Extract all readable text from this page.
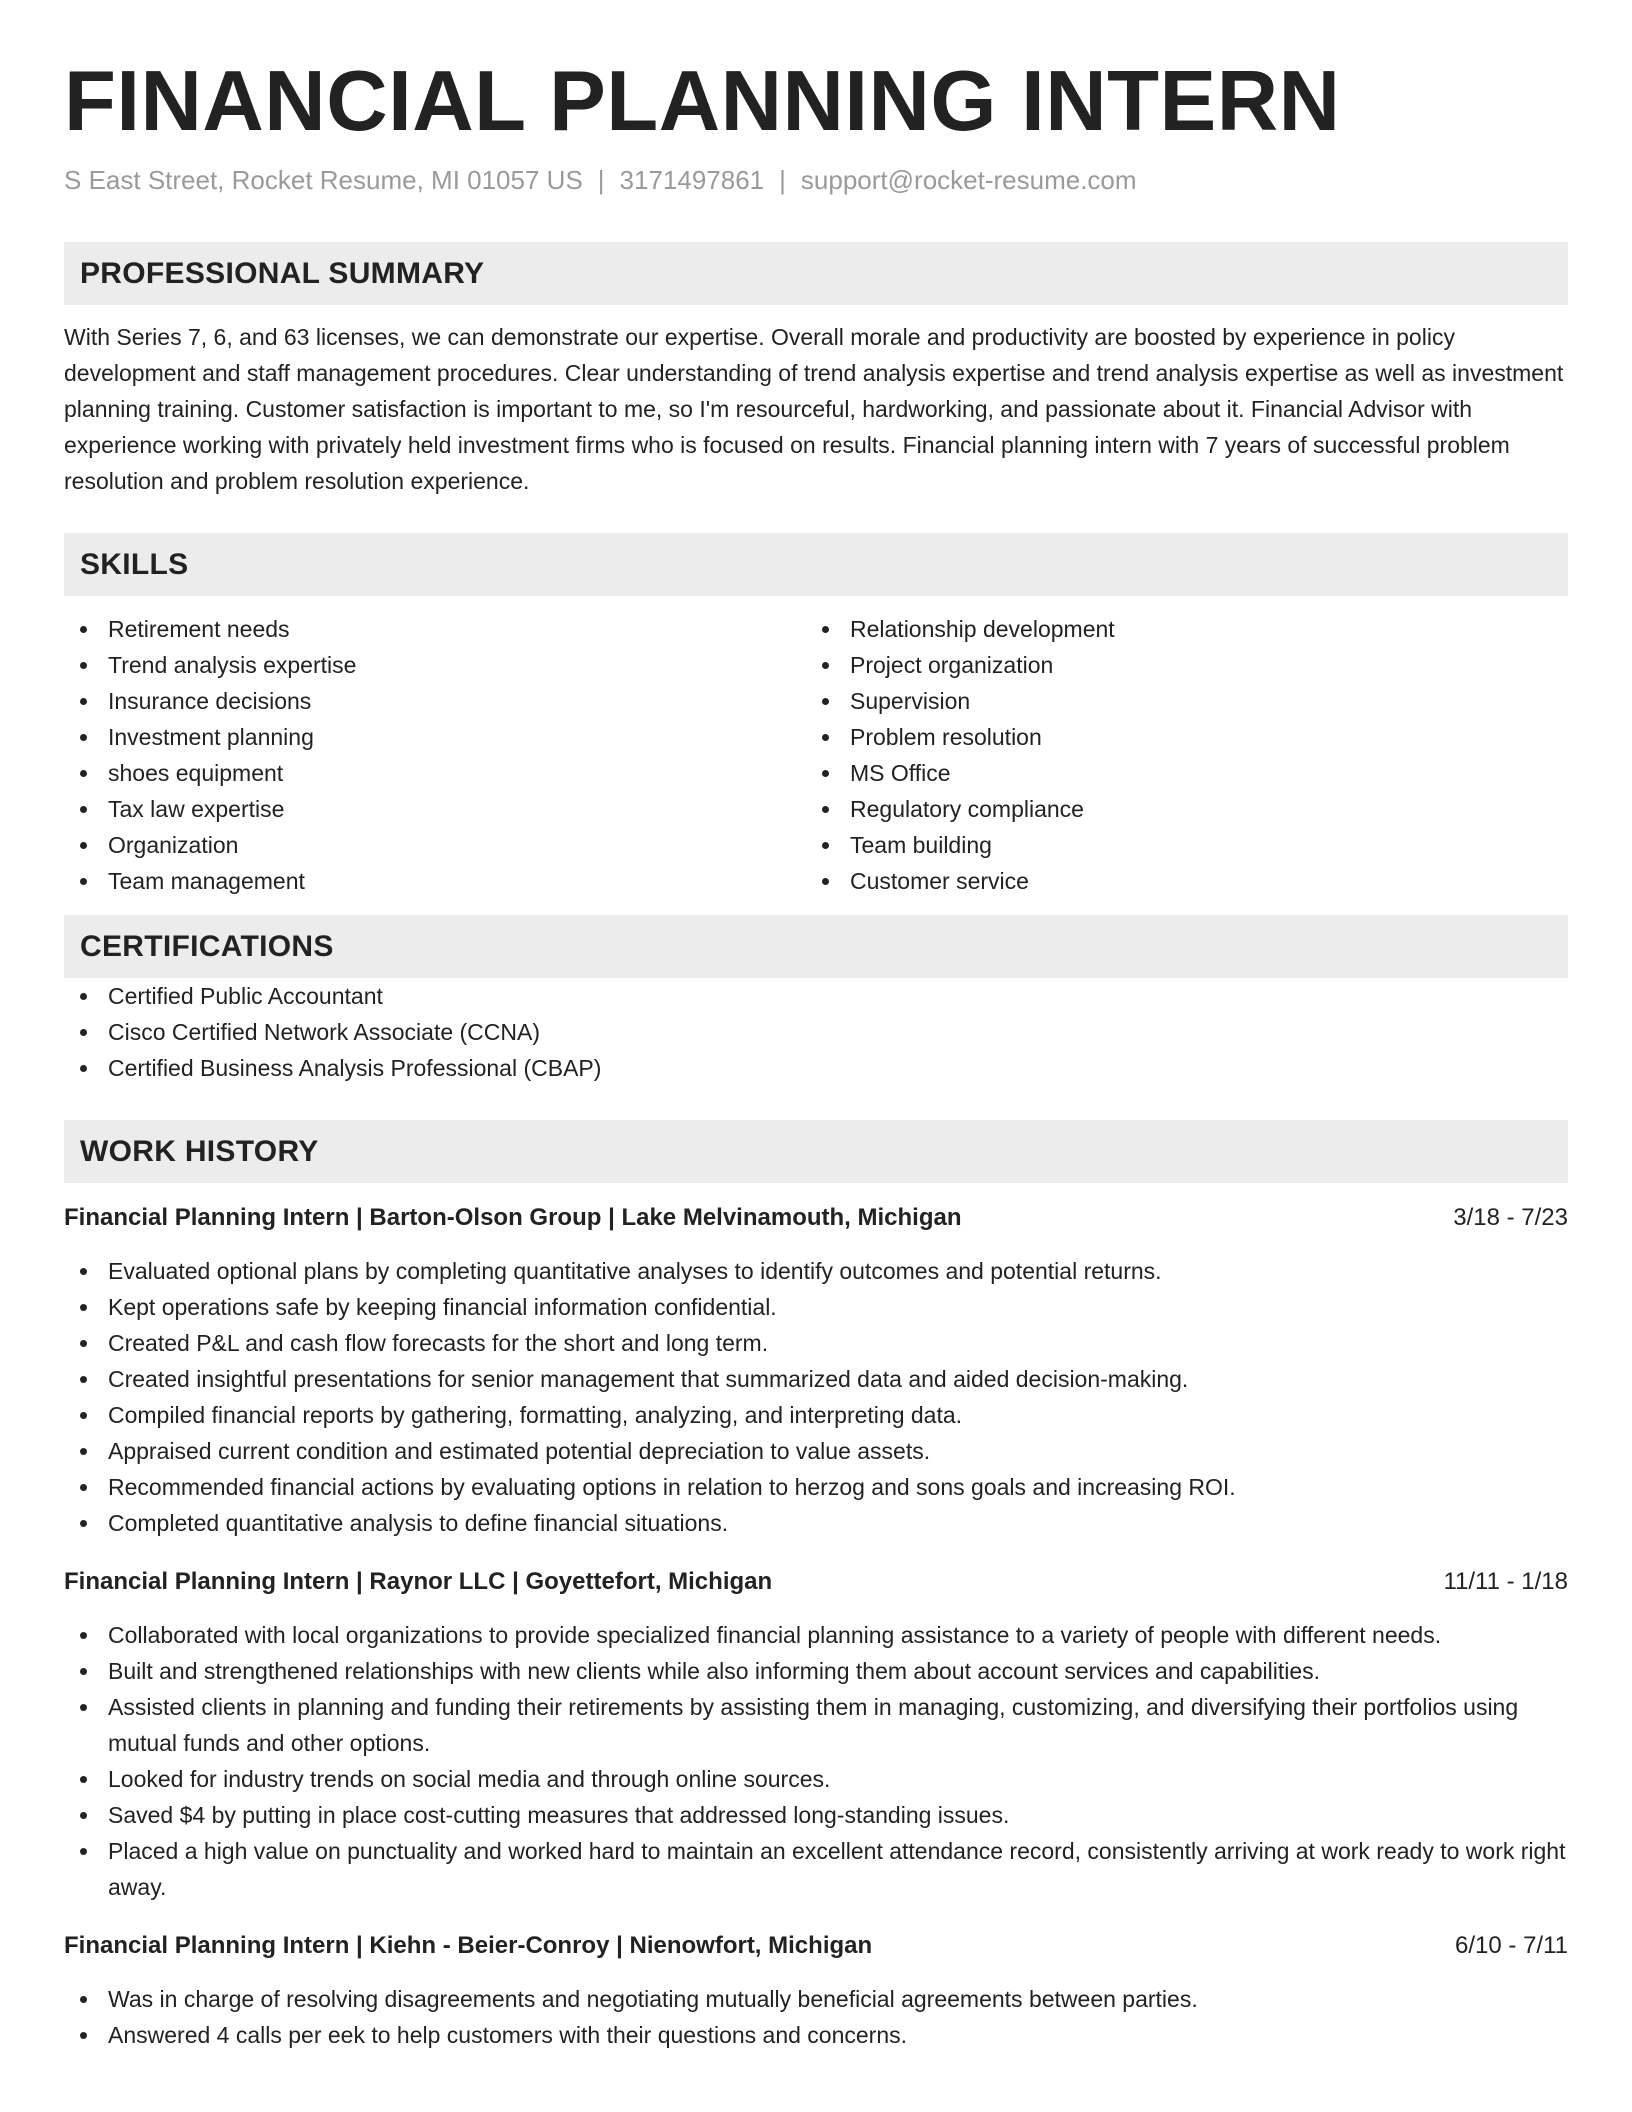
FINANCIAL PLANNING INTERN
S East Street, Rocket Resume, MI 01057 US | 3171497861 | support@rocket-resume.com
PROFESSIONAL SUMMARY

With Series 7, 6, and 63 licenses, we can demonstrate our expertise. Overall morale and productivity are boosted by experience in policy development and staff management procedures. Clear understanding of trend analysis expertise and trend analysis expertise as well as investment planning training. Customer satisfaction is important to me, so I'm resourceful, hardworking, and passionate about it. Financial Advisor with experience working with privately held investment firms who is focused on results. Financial planning intern with 7 years of successful problem resolution and problem resolution experience.

SKILLS
Retirement needs
Trend analysis expertise
Insurance decisions
Investment planning
shoes equipment
Tax law expertise
Organization
Team management
Relationship development
Project organization
Supervision
Problem resolution
MS Office
Regulatory compliance
Team building
Customer service
CERTIFICATIONS
Certified Public Accountant
Cisco Certified Network Associate (CCNA)
Certified Business Analysis Professional (CBAP)
WORK HISTORY
Financial Planning Intern | Barton-Olson Group | Lake Melvinamouth, Michigan	3/18 - 7/23
Evaluated optional plans by completing quantitative analyses to identify outcomes and potential returns.
Kept operations safe by keeping financial information confidential.
Created P&L and cash flow forecasts for the short and long term.
Created insightful presentations for senior management that summarized data and aided decision-making.
Compiled financial reports by gathering, formatting, analyzing, and interpreting data.
Appraised current condition and estimated potential depreciation to value assets.
Recommended financial actions by evaluating options in relation to herzog and sons goals and increasing ROI.
Completed quantitative analysis to define financial situations.
Financial Planning Intern | Raynor LLC | Goyettefort, Michigan	11/11 - 1/18
Collaborated with local organizations to provide specialized financial planning assistance to a variety of people with different needs.
Built and strengthened relationships with new clients while also informing them about account services and capabilities.
Assisted clients in planning and funding their retirements by assisting them in managing, customizing, and diversifying their portfolios using mutual funds and other options.
Looked for industry trends on social media and through online sources.
Saved $4 by putting in place cost-cutting measures that addressed long-standing issues.
Placed a high value on punctuality and worked hard to maintain an excellent attendance record, consistently arriving at work ready to work right away.
Financial Planning Intern | Kiehn - Beier-Conroy | Nienowfort, Michigan	6/10 - 7/11
Was in charge of resolving disagreements and negotiating mutually beneficial agreements between parties.
Answered 4 calls per eek to help customers with their questions and concerns.
